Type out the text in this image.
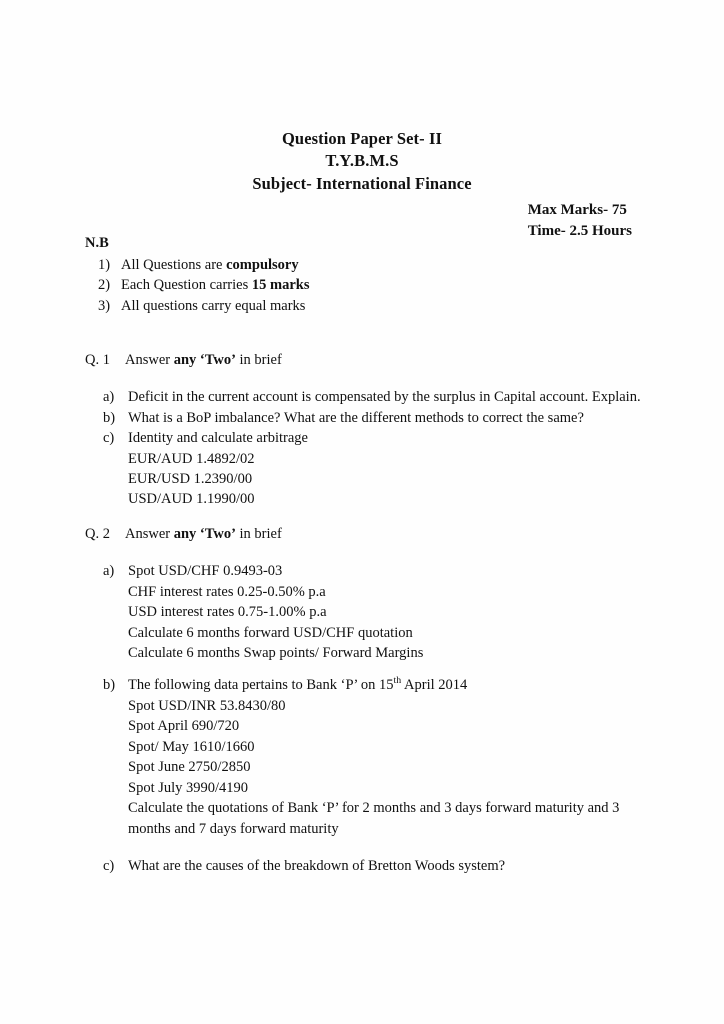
Question Paper Set- II
T.Y.B.M.S
Subject- International Finance
Max Marks- 75
Time- 2.5 Hours
N.B
1) All Questions are compulsory
2) Each Question carries 15 marks
3) All questions carry equal marks
Q. 1 Answer any ‘Two’ in brief
a) Deficit in the current account is compensated by the surplus in Capital account. Explain.
b) What is a BoP imbalance? What are the different methods to correct the same?
c) Identity and calculate arbitrage
EUR/AUD 1.4892/02
EUR/USD 1.2390/00
USD/AUD 1.1990/00
Q. 2 Answer any ‘Two’ in brief
a) Spot USD/CHF 0.9493-03
CHF interest rates 0.25-0.50% p.a
USD interest rates 0.75-1.00% p.a
Calculate 6 months forward USD/CHF quotation
Calculate 6 months Swap points/ Forward Margins
b) The following data pertains to Bank ‘P’ on 15th April 2014
Spot USD/INR 53.8430/80
Spot April 690/720
Spot/ May 1610/1660
Spot June 2750/2850
Spot July 3990/4190
Calculate the quotations of Bank ‘P’ for 2 months and 3 days forward maturity and 3 months and 7 days forward maturity
c) What are the causes of the breakdown of Bretton Woods system?
